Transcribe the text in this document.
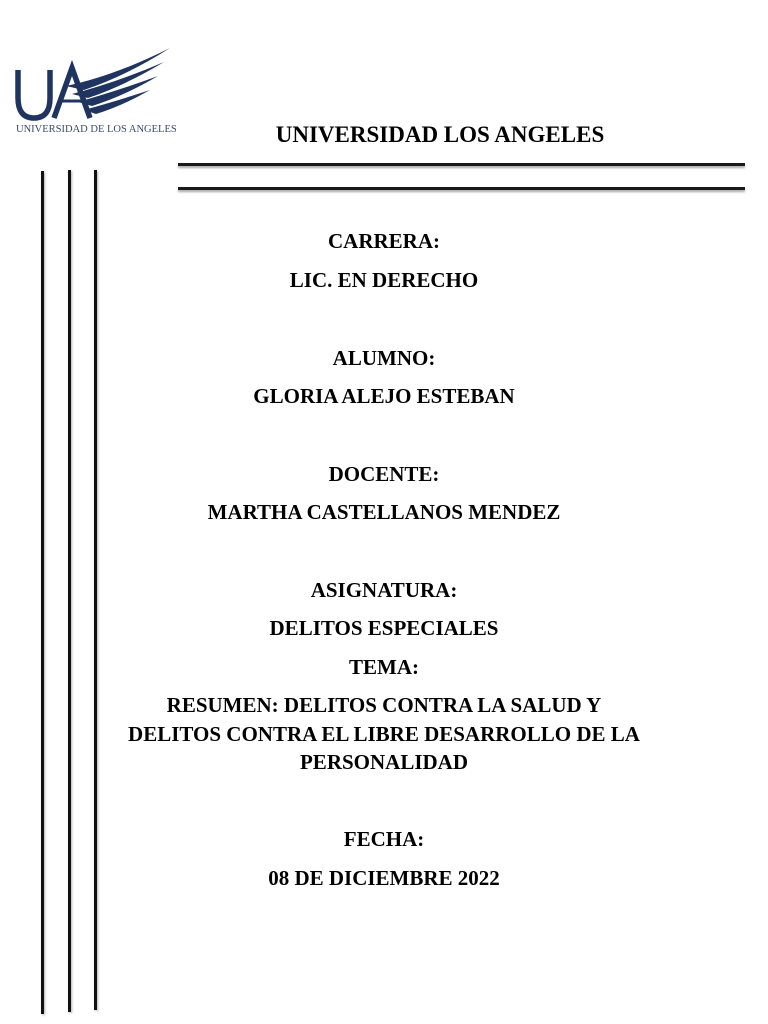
UNIVERSIDAD DE LOS ANGELES	UNIVERSIDAD LOS ANGELES
CARRERA:
LIC. EN DERECHO
ALUMNO:
GLORIA ALEJO ESTEBAN
DOCENTE:
MARTHA CASTELLANOS MENDEZ
ASIGNATURA:
DELITOS ESPECIALES
TEMA:
RESUMEN: DELITOS CONTRA LA SALUD Y
DELITOS CONTRA EL LIBRE DESARROLLO DE LA
PERSONALIDAD
FECHA:
08 DE DICIEMBRE 2022
